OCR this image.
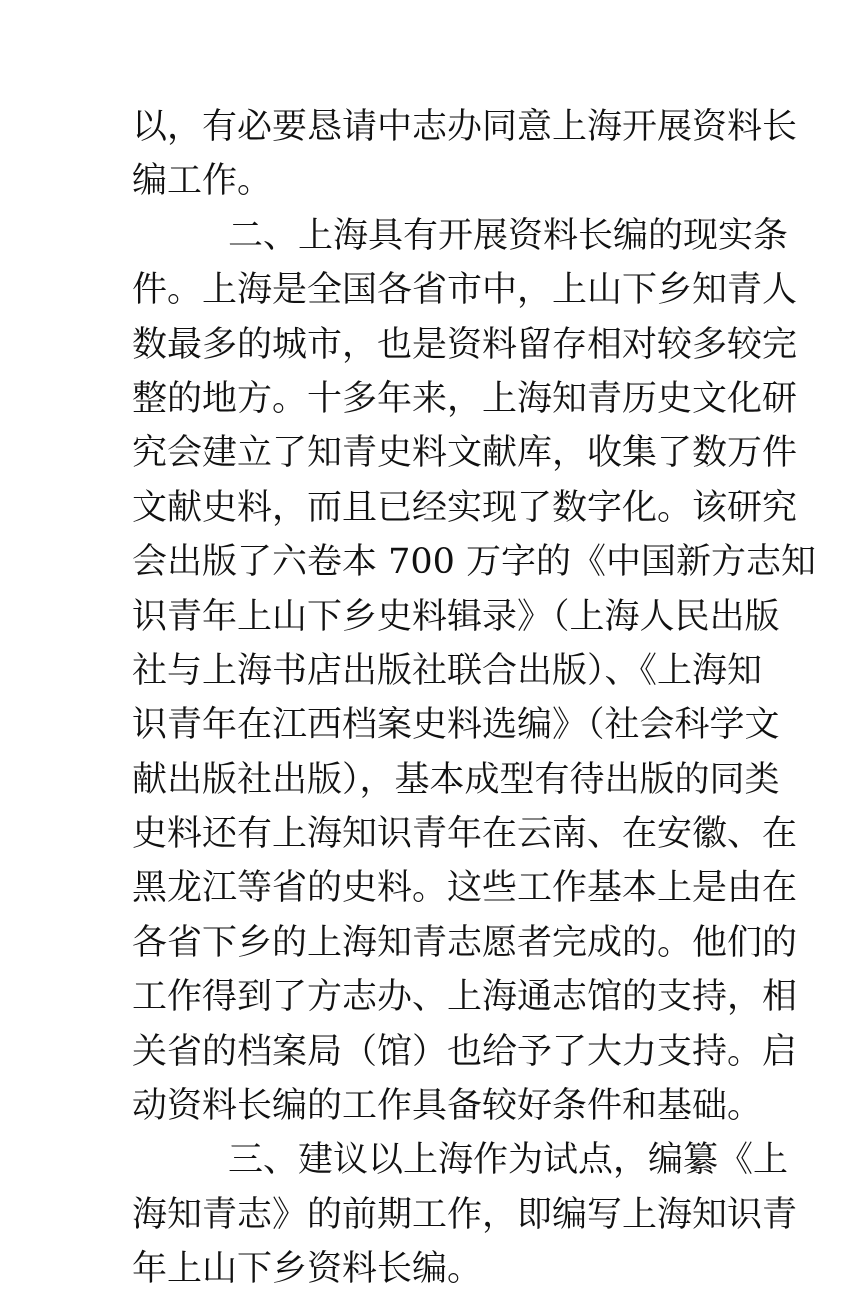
以，有必要恳请中志办同意上海开展资料长
编工作。
二、上海具有开展资料长编的现实条
件。上海是全国各省市中，上山下乡知青人
数最多的城市，也是资料留存相对较多较完
整的地方。十多年来，上海知青历史文化研
究会建立了知青史料文献库，收集了数万件
文献史料，而且已经实现了数字化。该研究
会出版了六卷本 700 万字的《中国新方志知
识青年上山下乡史料辑录》（上海人民出版
社与上海书店出版社联合出版）、《上海知
识青年在江西档案史料选编》（社会科学文
献出版社出版），基本成型有待出版的同类
史料还有上海知识青年在云南、在安徽、在
黑龙江等省的史料。这些工作基本上是由在
各省下乡的上海知青志愿者完成的。他们的
工作得到了方志办、上海通志馆的支持，相
关省的档案局（馆）也给予了大力支持。启
动资料长编的工作具备较好条件和基础。
三、建议以上海作为试点，编纂《上
海知青志》的前期工作，即编写上海知识青
年上山下乡资料长编。
